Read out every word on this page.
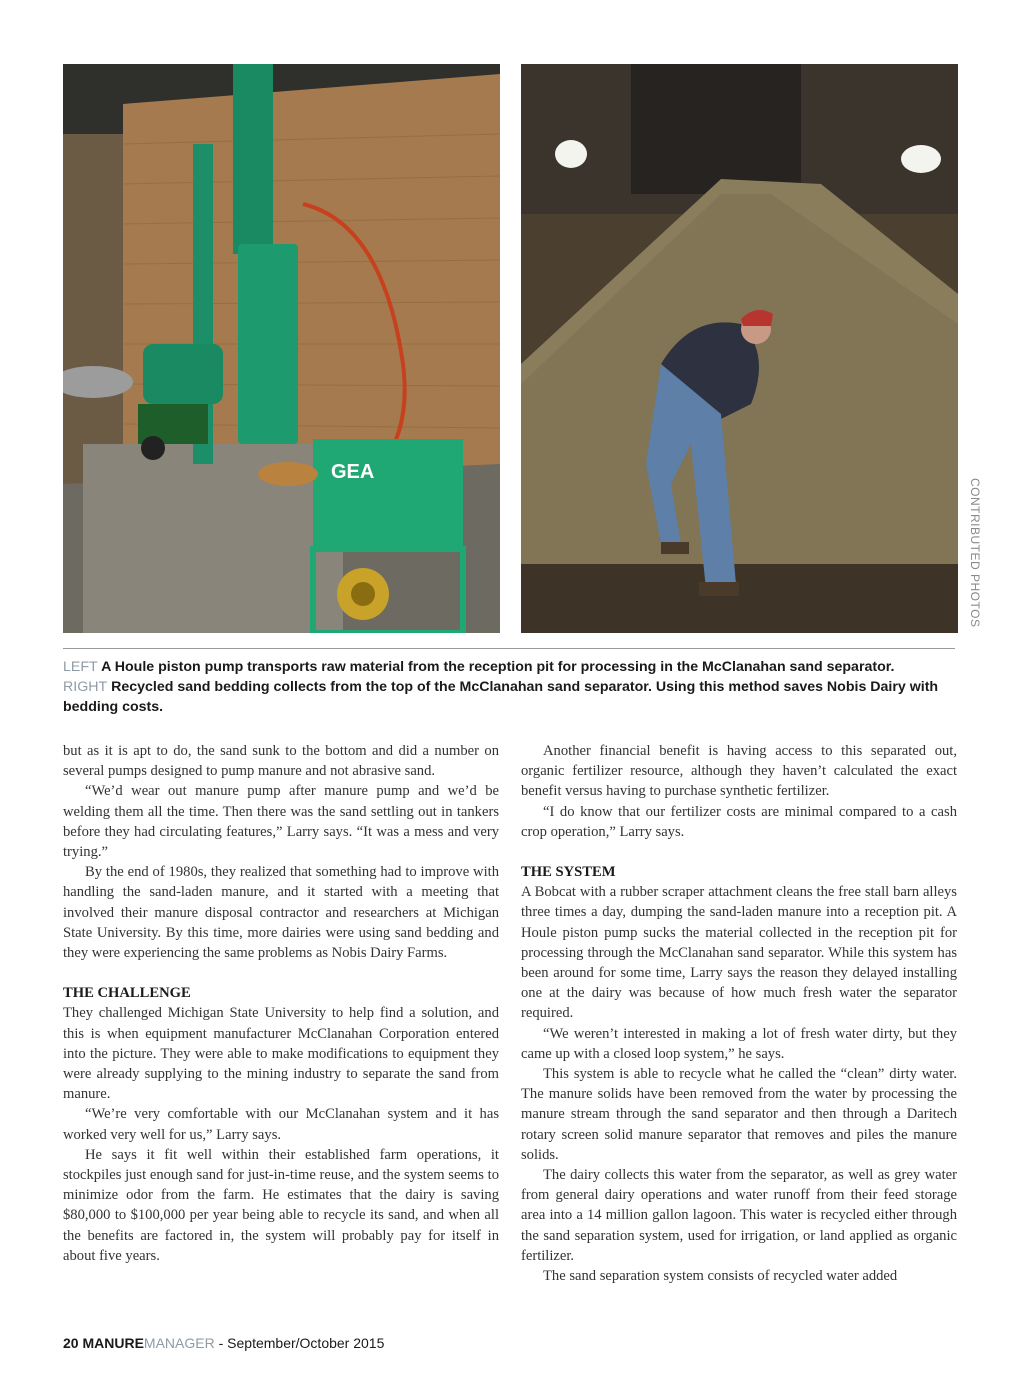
GEA
CONTRIBUTED PHOTOS

LEFT A Houle piston pump transports raw material from the reception pit for processing in the McClanahan sand separator.

RIGHT Recycled sand bedding collects from the top of the McClanahan sand separator. Using this method saves Nobis Dairy with bedding costs.

but as it is apt to do, the sand sunk to the bottom and did a number on several pumps designed to pump manure and not abrasive sand.

“We’d wear out manure pump after manure pump and we’d be welding them all the time. Then there was the sand settling out in tankers before they had circulating features,” Larry says. “It was a mess and very trying.”

By the end of 1980s, they realized that something had to improve with handling the sand-laden manure, and it started with a meeting that involved their manure disposal contractor and researchers at Michigan State University. By this time, more dairies were using sand bedding and they were experiencing the same problems as Nobis Dairy Farms.

THE CHALLENGE

They challenged Michigan State University to help find a solution, and this is when equipment manufacturer McClanahan Corporation entered into the picture. They were able to make modifications to equipment they were already supplying to the mining industry to separate the sand from manure.

“We’re very comfortable with our McClanahan system and it has worked very well for us,” Larry says.

He says it fit well within their established farm operations, it stockpiles just enough sand for just-in-time reuse, and the system seems to minimize odor from the farm. He estimates that the dairy is saving $80,000 to $100,000 per year being able to recycle its sand, and when all the benefits are factored in, the system will probably pay for itself in about five years.

Another financial benefit is having access to this separated out, organic fertilizer resource, although they haven’t calculated the exact benefit versus having to purchase synthetic fertilizer.

“I do know that our fertilizer costs are minimal compared to a cash crop operation,” Larry says.

THE SYSTEM

A Bobcat with a rubber scraper attachment cleans the free stall barn alleys three times a day, dumping the sand-laden manure into a reception pit. A Houle piston pump sucks the material collected in the reception pit for processing through the McClanahan sand separator. While this system has been around for some time, Larry says the reason they delayed installing one at the dairy was because of how much fresh water the separator required.

“We weren’t interested in making a lot of fresh water dirty, but they came up with a closed loop system,” he says.

This system is able to recycle what he called the “clean” dirty water. The manure solids have been removed from the water by processing the manure stream through the sand separator and then through a Daritech rotary screen solid manure separator that removes and piles the manure solids.

The dairy collects this water from the separator, as well as grey water from general dairy operations and water runoff from their feed storage area into a 14 million gallon lagoon. This water is recycled either through the sand separation system, used for irrigation, or land applied as organic fertilizer.

The sand separation system consists of recycled water added

20 MANUREMANAGER - September/October 2015
